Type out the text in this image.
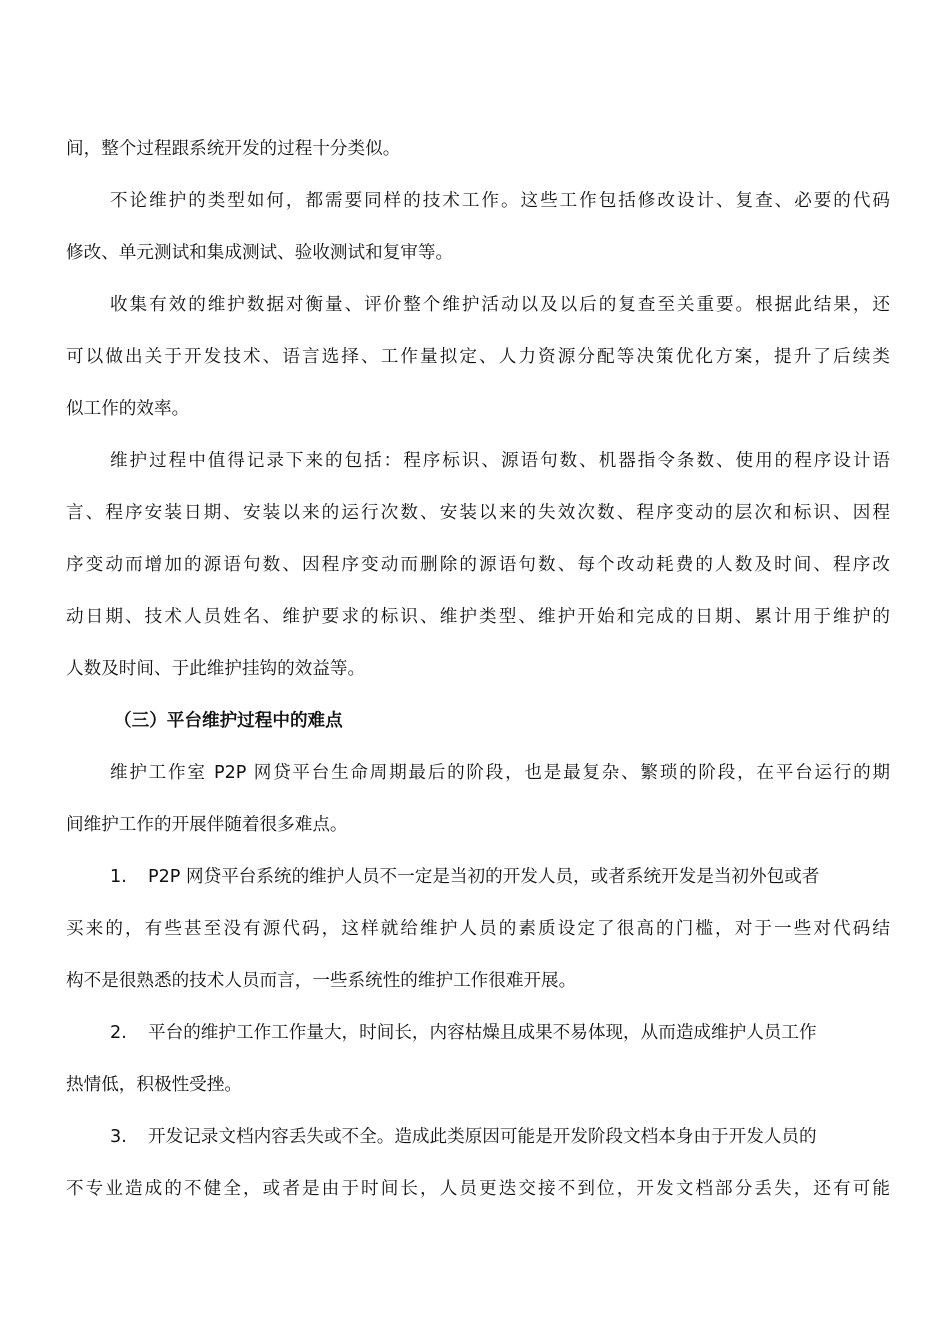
间，整个过程跟系统开发的过程十分类似。
不论维护的类型如何，都需要同样的技术工作。这些工作包括修改设计、复查、必要的代码
修改、单元测试和集成测试、验收测试和复审等。
收集有效的维护数据对衡量、评价整个维护活动以及以后的复查至关重要。根据此结果，还
可以做出关于开发技术、语言选择、工作量拟定、人力资源分配等决策优化方案，提升了后续类
似工作的效率。
维护过程中值得记录下来的包括：程序标识、源语句数、机器指令条数、使用的程序设计语
言、程序安装日期、安装以来的运行次数、安装以来的失效次数、程序变动的层次和标识、因程
序变动而增加的源语句数、因程序变动而删除的源语句数、每个改动耗费的人数及时间、程序改
动日期、技术人员姓名、维护要求的标识、维护类型、维护开始和完成的日期、累计用于维护的
人数及时间、于此维护挂钩的效益等。
（三）平台维护过程中的难点
维护工作室 P2P 网贷平台生命周期最后的阶段，也是最复杂、繁琐的阶段，在平台运行的期
间维护工作的开展伴随着很多难点。
1. P2P 网贷平台系统的维护人员不一定是当初的开发人员，或者系统开发是当初外包或者
买来的，有些甚至没有源代码，这样就给维护人员的素质设定了很高的门槛，对于一些对代码结
构不是很熟悉的技术人员而言，一些系统性的维护工作很难开展。
2. 平台的维护工作工作量大，时间长，内容枯燥且成果不易体现，从而造成维护人员工作
热情低，积极性受挫。
3. 开发记录文档内容丢失或不全。造成此类原因可能是开发阶段文档本身由于开发人员的
不专业造成的不健全，或者是由于时间长，人员更迭交接不到位，开发文档部分丢失，还有可能
